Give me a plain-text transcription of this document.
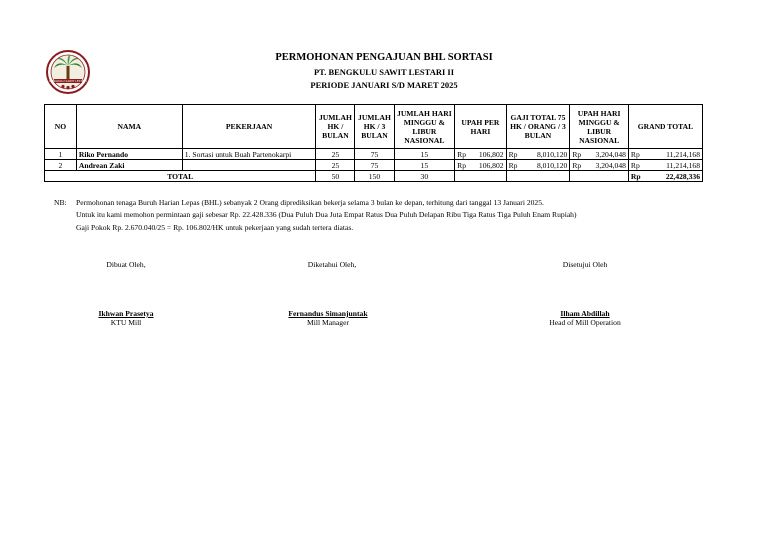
BENGKULU SAWIT LESTARI
PERMOHONAN PENGAJUAN BHL SORTASI
PT. BENGKULU SAWIT LESTARI II
PERIODE JANUARI S/D MARET 2025
NO	NAMA	PEKERJAAN	JUMLAH HK / BULAN	JUMLAH HK / 3 BULAN	JUMLAH HARI MINGGU & LIBUR NASIONAL	UPAH PER HARI		GAJI TOTAL 75 HK / ORANG / 3 BULAN		UPAH HARI MINGGU & LIBUR NASIONAL		GRAND TOTAL	
1	Riko Pernando	1. Sortasi untuk Buah Partenokarpi	25	75	15	Rp	106,802	Rp	8,010,120	Rp	3,204,048	Rp	11,214,168
2	Andrean Zaki		25	75	15	Rp	106,802	Rp	8,010,120	Rp	3,204,048	Rp	11,214,168
TOTAL			50	150	30							Rp	22,428,336
NB: Permohonan tenaga Buruh Harian Lepas (BHL) sebanyak 2 Orang diprediksikan bekerja selama 3 bulan ke depan, terhitung dari tanggal 13 Januari 2025.
Untuk itu kami memohon permintaan gaji sebesar Rp. 22.428.336 (Dua Puluh Dua Juta Empat Ratus Dua Puluh Delapan Ribu Tiga Ratus Tiga Puluh Enam Rupiah)
Gaji Pokok Rp. 2.670.040/25 = Rp. 106.802/HK untuk pekerjaan yang sudah tertera diatas.
Dibuat Oleh,
Ikhwan Prasetya
KTU Mill
Diketahui Oleh,
Fernandus Simanjuntak
Mill Manager
Disetujui Oleh
Ilham Abdillah
Head of Mill Operation
